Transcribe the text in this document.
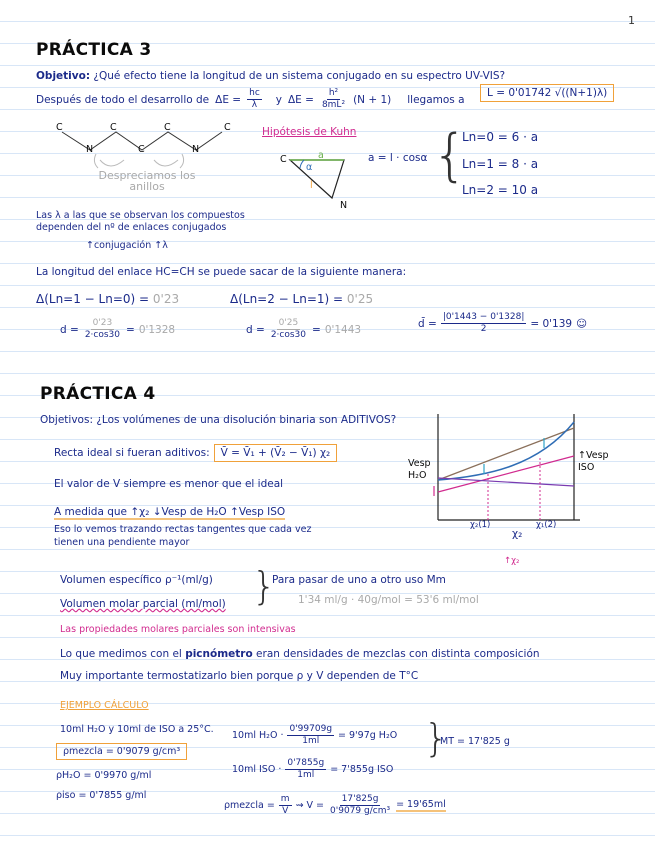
1
PRÁCTICA 3
Objetivo: ¿Qué efecto tiene la longitud de un sistema conjugado en su espectro UV-VIS?
Después de todo el desarrollo de $\Delta E = \frac{hc}{\lambda}$ y $\Delta E = \frac{\text{h²}}{\text{8mL²}} (N + 1)$ llegamos a
L = 0'01742 √((N+1)λ)
C	C	C	C
N	C	N
Despreciamos los anillos
Hipótesis de Kuhn
C	a
α
l
N
a = l · cosα {
Ln=0 = 6 · a
Ln=1 = 8 · a
Ln=2 = 10 a
Las λ a las que se observan los compuestos
dependen del nº de enlaces conjugados
↑conjugación ↑λ
La longitud del enlace HC=CH se puede sacar de la siguiente manera:
Δ(Ln=1 − Ln=0) = 0'23	Δ(Ln=2 − Ln=1) = 0'25
$d = \frac{0'23}{2\cdot\cos 30} = 0'1328$	$d = \frac{0'25}{2\cdot\cos 30} = 0'1443$	d̄ = $\frac{|0'1443 - 0'1328|}{2} = 0'139$ ☺
PRÁCTICA 4
Objetivos: ¿Los volúmenes de una disolución binaria son ADITIVOS?
Recta ideal si fueran aditivos:	V̄ = V̄₁ + (V̄₂ − V̄₁) χ₂
El valor de V siempre es menor que el ideal
A medida que ↑χ₂ ↓Vesp de H₂O ↑Vesp ISO
Eso lo vemos trazando rectas tangentes que cada vez
tienen una pendiente mayor
Vesp
H₂O
↑Vesp
ISO
χ₂(1)	χ₁(2)
χ₂
↑χ₂
Volumen específico ρ⁻¹(ml/g)
Volumen molar parcial (ml/mol) }
Para pasar de uno a otro uso Mm
1'34 ml/g · 40g/mol = 53'6 ml/mol
Las propiedades molares parciales son intensivas
Lo que medimos con el picnómetro eran densidades de mezclas con distinta composición
Muy importante termostatizarlo bien porque ρ y V dependen de T°C
EJEMPLO CÁLCULO
10ml H₂O y 10ml de ISO a 25°C.
ρmezcla = 0'9079 g/cm³
ρH₂O = 0'9970 g/ml
ρiso = 0'7855 g/ml
10ml $H_2O \cdot \frac{0'99709g}{1ml} = 9'97g$ H₂O
10ml ISO · $\frac{0'7855g}{1ml} = 7'855g$ ISO
}
MT = 17'825 g
ρmezcla = $\frac{m}{V}$ ⇝ $V = \frac{17'825g}{\text{0'9079 g/cm³}} = 19'65ml$
